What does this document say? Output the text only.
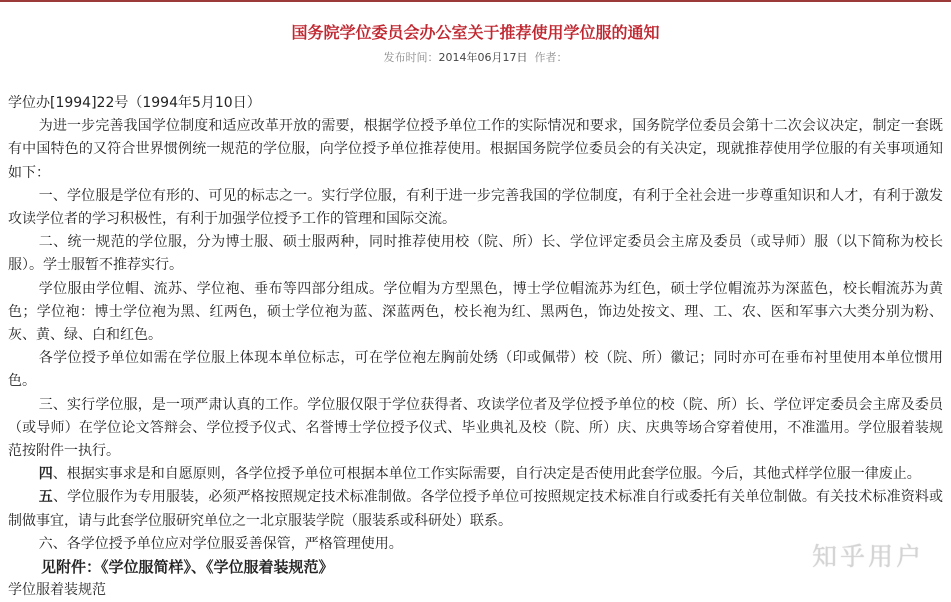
国务院学位委员会办公室关于推荐使用学位服的通知
发布时间：2014年06月17日 作者：

学位办[1994]22号（1994年5月10日）

为进一步完善我国学位制度和适应改革开放的需要，根据学位授予单位工作的实际情况和要求，国务院学位委员会第十二次会议决定，制定一套既有中国特色的又符合世界惯例统一规范的学位服，向学位授予单位推荐使用。根据国务院学位委员会的有关决定，现就推荐使用学位服的有关事项通知如下：

一、学位服是学位有形的、可见的标志之一。实行学位服，有利于进一步完善我国的学位制度，有利于全社会进一步尊重知识和人才，有利于激发攻读学位者的学习积极性，有利于加强学位授予工作的管理和国际交流。

二、统一规范的学位服，分为博士服、硕士服两种，同时推荐使用校（院、所）长、学位评定委员会主席及委员（或导师）服（以下简称为校长服）。学士服暂不推荐实行。

学位服由学位帽、流苏、学位袍、垂布等四部分组成。学位帽为方型黑色，博士学位帽流苏为红色，硕士学位帽流苏为深蓝色，校长帽流苏为黄色；学位袍：博士学位袍为黑、红两色，硕士学位袍为蓝、深蓝两色，校长袍为红、黑两色，饰边处按文、理、工、农、医和军事六大类分别为粉、灰、黄、绿、白和红色。

各学位授予单位如需在学位服上体现本单位标志，可在学位袍左胸前处绣（印或佩带）校（院、所）徽记；同时亦可在垂布衬里使用本单位惯用色。

三、实行学位服，是一项严肃认真的工作。学位服仅限于学位获得者、攻读学位者及学位授予单位的校（院、所）长、学位评定委员会主席及委员（或导师）在学位论文答辩会、学位授予仪式、名誉博士学位授予仪式、毕业典礼及校（院、所）庆、庆典等场合穿着使用，不准滥用。学位服着装规范按附件一执行。

四、根据实事求是和自愿原则，各学位授予单位可根据本单位工作实际需要，自行决定是否使用此套学位服。今后，其他式样学位服一律废止。

五、学位服作为专用服装，必须严格按照规定技术标准制做。各学位授予单位可按照规定技术标准自行或委托有关单位制做。有关技术标准资料或制做事宜，请与此套学位服研究单位之一北京服装学院（服装系或科研处）联系。

六、各学位授予单位应对学位服妥善保管，严格管理使用。

见附件：《学位服简样》、《学位服着装规范》

学位服着装规范

知乎用户
